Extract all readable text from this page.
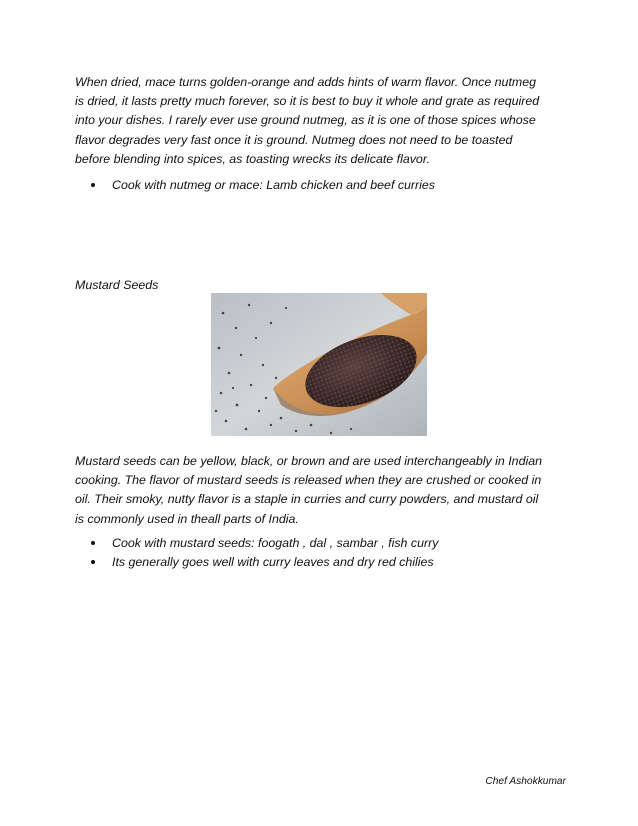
When dried, mace turns golden-orange and adds hints of warm flavor. Once nutmeg
is dried, it lasts pretty much forever, so it is best to buy it whole and grate as required
into your dishes. I rarely ever use ground nutmeg, as it is one of those spices whose
flavor degrades very fast once it is ground. Nutmeg does not need to be toasted
before blending into spices, as toasting wrecks its delicate flavor.

Cook with nutmeg or mace: Lamb chicken and beef curries
Mustard Seeds

Mustard seeds can be yellow, black, or brown and are used interchangeably in Indian
cooking. The flavor of mustard seeds is released when they are crushed or cooked in
oil. Their smoky, nutty flavor is a staple in curries and curry powders, and mustard oil
is commonly used in theall parts of India.

Cook with mustard seeds: foogath , dal , sambar , fish curry
Its generally goes well with curry leaves and dry red chilies
Chef Ashokkumar
